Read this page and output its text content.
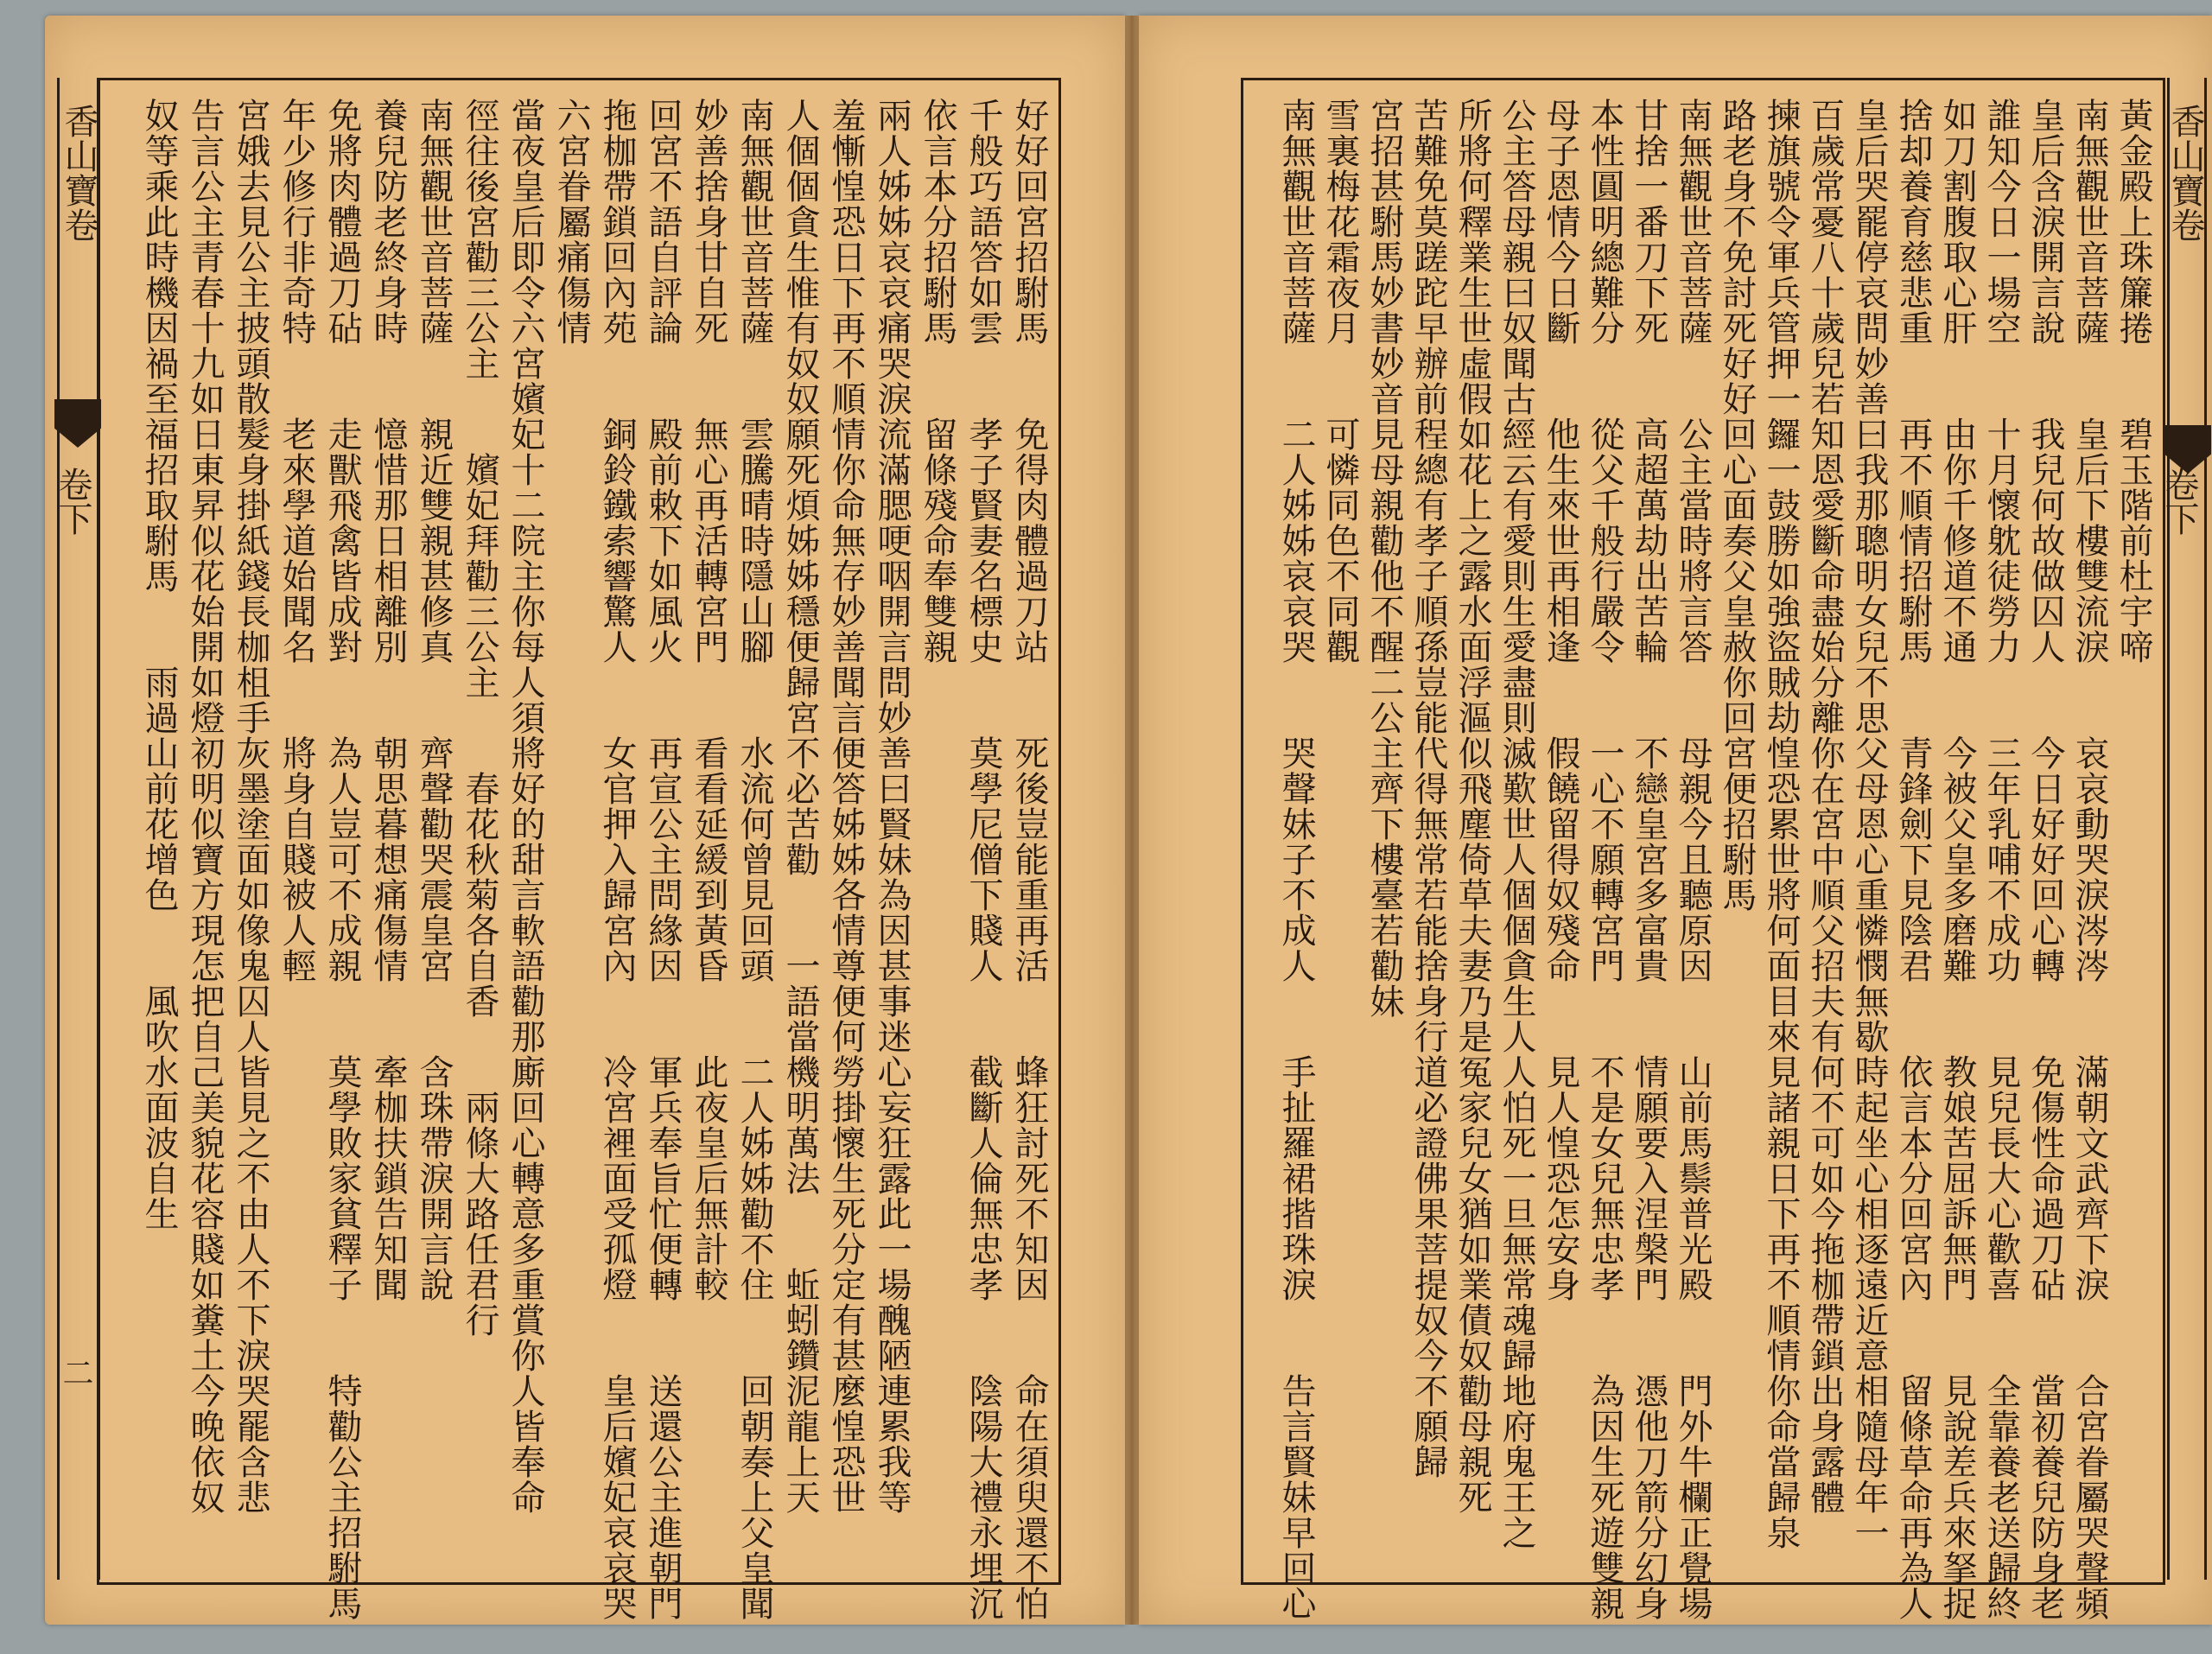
香山寶卷
卷下
二	好好回宮招駙馬　　免得肉體過刀站　　死後豈能重再活　　蜂狂討死不知因　　命在須臾還不怕
千般巧語答如雲　　孝子賢妻名標史　　莫學尼僧下賤人　　截斷人倫無忠孝　　陰陽大禮永埋沉
依言本分招駙馬　　留條殘命奉雙親
兩人姊姊哀哀痛哭淚流滿腮哽咽開言問妙善曰賢妹為因甚事迷心妄狂露此一場醜陋連累我等
羞慚惶恐日下再不順情你命無存妙善聞言便答姊姊各情尊便何勞掛懷生死分定有甚麼惶恐世
人個個貪生惟有奴奴願死煩姊姊穩便歸宮不必苦勸　　一語當機明萬法　　蚯蚓鑽泥龍上天
南無觀世音菩薩　　雲騰晴時隱山腳　　水流何曾見回頭　　二人姊姊勸不住　　回朝奏上父皇聞
妙善捨身甘自死　　無心再活轉宮門　　看看延緩到黃昏　　此夜皇后無計較
回宮不語自評論　　殿前敕下如風火　　再宣公主問緣因　　軍兵奉旨忙便轉　　送還公主進朝門
拖枷帶鎖回內苑　　銅鈴鐵索響驚人　　女官押入歸宮內　　冷宮裡面受孤燈　　皇后嬪妃哀哀哭
六宮眷屬痛傷情
當夜皇后即令六宮嬪妃十二院主你每人須將好的甜言軟語勸那廝回心轉意多重賞你人皆奉命
徑往後宮勸三公主　　嬪妃拜勸三公主　　春花秋菊各自香　　兩條大路任君行
南無觀世音菩薩　　親近雙親甚修真　　齊聲勸哭震皇宮　　含珠帶淚開言說
養兒防老終身時　　憶惜那日相離別　　朝思暮想痛傷情　　牽枷扶鎖告知聞
免將肉體過刀砧　　走獸飛禽皆成對　　為人豈可不成親　　莫學敗家貧釋子　　特勸公主招駙馬
年少修行非奇特　　老來學道始聞名　　將身自賤被人輕
宮娥去見公主披頭散髮身掛紙錢長枷柤手灰墨塗面如像鬼囚人皆見之不由人不下淚哭罷含悲
告言公主青春十九如日東昇似花始開如燈初明似寶方現怎把自己美貌花容賤如糞土今晚依奴
奴等乘此時機因禍至福招取駙馬　　雨過山前花增色　　風吹水面波自生	香山寶卷
卷下
黃金殿上珠簾捲　　碧玉階前杜宇啼
南無觀世音菩薩　　皇后下樓雙流淚　　哀哀動哭淚涔涔　　滿朝文武齊下淚　　合宮眷屬哭聲頻
皇后含淚開言說　　我兒何故做囚人　　今日好好回心轉　　免傷性命過刀砧　　當初養兒防身老
誰知今日一場空　　十月懷躭徒勞力　　三年乳哺不成功　　見兒長大心歡喜　　全靠養老送歸終
如刀割腹取心肝　　由你千修道不通　　今被父皇多磨難　　教娘苦屈訴無門　　見說差兵來拏捉
捨却養育慈悲重　　再不順情招駙馬　　青鋒劍下見陰君　　依言本分回宮內　　留條草命再為人
皇后哭罷停哀問妙善曰我那聰明女兒不思父母恩心重憐憫無歇時起坐心相逐遠近意相隨母年一
百歲常憂八十歲兒若知恩愛斷命盡始分離你在宮中順父招夫有何不可如今拖枷帶鎖出身露體
揀旗號令軍兵管押一鑼一鼓勝如強盜賊劫惶恐累世將何面目來見諸親日下再不順情你命當歸泉
路老身不免討死好好回心面奏父皇赦你回宮便招駙馬
南無觀世音菩薩　　公主當時將言答　　母親今且聽原因　　山前馬鬃普光殿　　門外牛欄正覺場
甘捨一番刀下死　　高超萬劫出苦輪　　不戀皇宮多富貴　　情願要入涅槃門　　憑他刀箭分幻身
本性圓明總難分　　從父千般行嚴令　　一心不願轉宮門　　不是女兒無忠孝　　為因生死遊雙親
母子恩情今日斷　　他生來世再相逢　　假饒留得奴殘命　　見人惶恐怎安身
公主答母親曰奴聞古經云有愛則生愛盡則滅歎世人個個貪生人人怕死一旦無常魂歸地府鬼王之
所將何釋業生世虛假如花上之露水面浮漚似飛塵倚草夫妻乃是冤家兒女猶如業債奴勸母親死
苦難免莫蹉跎早辦前程總有孝子順孫豈能代得無常若能捨身行道必證佛果菩提奴今不願歸
宮招甚駙馬妙書妙音見母親勸他不醒二公主齊下樓臺若勸妹
雪裏梅花霜夜月　　可憐同色不同觀
南無觀世音菩薩　　二人姊姊哀哀哭　　哭聲妹子不成人　　手扯羅裙揩珠淚　　告言賢妹早回心
